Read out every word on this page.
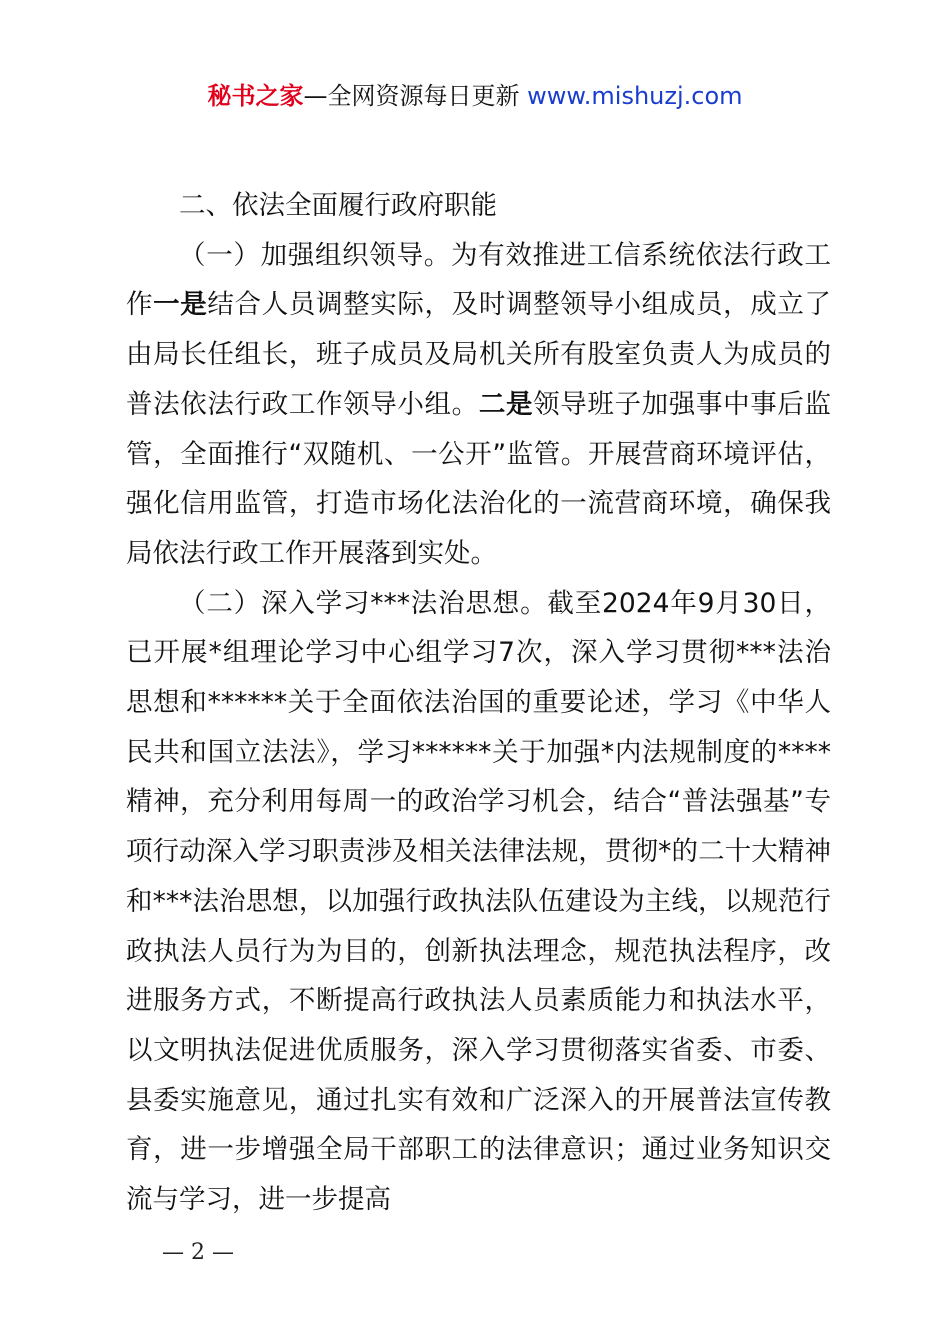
秘书之家—全网资源每日更新 www.mishuzj.com

二、依法全面履行政府职能

（一）加强组织领导。为有效推进工信系统依法行政工作一是结合人员调整实际，及时调整领导小组成员，成立了由局长任组长，班子成员及局机关所有股室负责人为成员的普法依法行政工作领导小组。二是领导班子加强事中事后监管，全面推行“双随机、一公开”监管。开展营商环境评估，强化信用监管，打造市场化法治化的一流营商环境，确保我局依法行政工作开展落到实处。

（二）深入学习***法治思想。截至2024年9月30日，已开展*组理论学习中心组学习7次，深入学习贯彻***法治思想和******关于全面依法治国的重要论述，学习《中华人民共和国立法法》，学习******关于加强*内法规制度的****精神，充分利用每周一的政治学习机会，结合“普法强基”专项行动深入学习职责涉及相关法律法规，贯彻*的二十大精神和***法治思想，以加强行政执法队伍建设为主线，以规范行政执法人员行为为目的，创新执法理念，规范执法程序，改进服务方式，不断提高行政执法人员素质能力和执法水平，以文明执法促进优质服务，深入学习贯彻落实省委、市委、县委实施意见，通过扎实有效和广泛深入的开展普法宣传教育，进一步增强全局干部职工的法律意识；通过业务知识交流与学习，进一步提高

— 2 —
